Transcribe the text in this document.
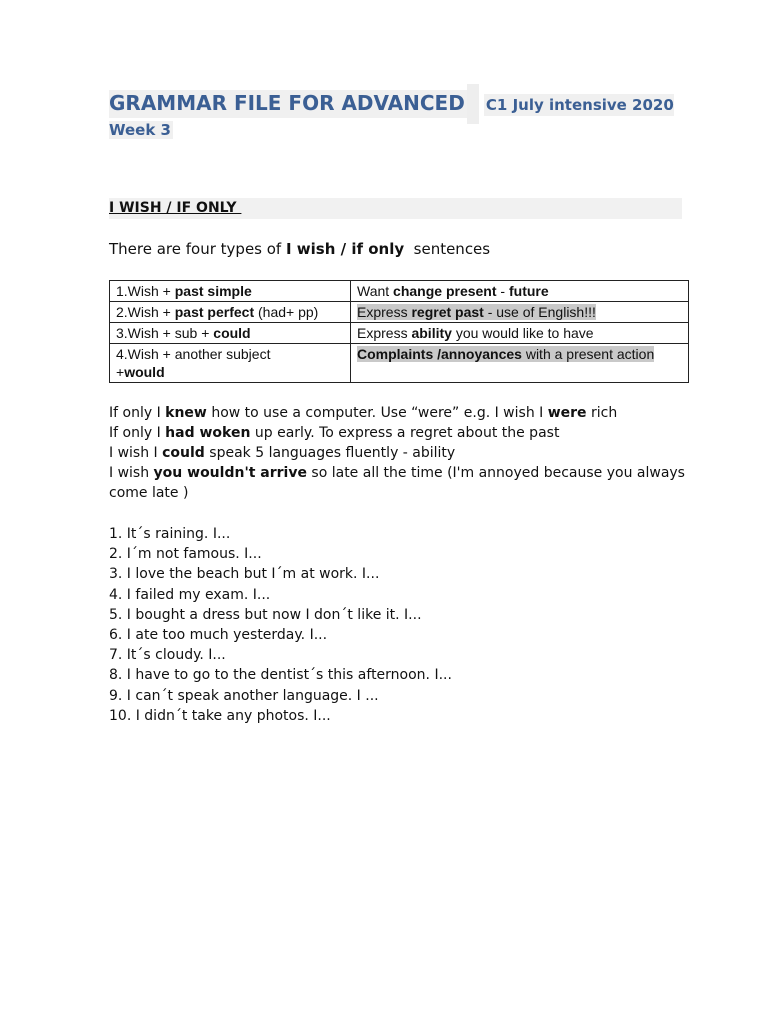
GRAMMAR FILE FOR ADVANCED C1 July intensive 2020
Week 3
I WISH / IF ONLY
There are four types of I wish / if only  sentences
1.Wish + past simple	Want change present - future
2.Wish + past perfect (had+ pp)	Express regret past - use of English!!!
3.Wish + sub + could	Express ability you would like to have
4.Wish + another subject
+would	Complaints /annoyances with a present action

If only I knew how to use a computer. Use “were” e.g. I wish I were rich

If only I had woken up early. To express a regret about the past

I wish I could speak 5 languages fluently - ability

I wish you wouldn't arrive so late all the time (I'm annoyed because you always come late )

1. It´s raining. I...
2. I´m not famous. I...
3. I love the beach but I´m at work. I...
4. I failed my exam. I...
5. I bought a dress but now I don´t like it. I...
6. I ate too much yesterday. I...
7. It´s cloudy. I...
8. I have to go to the dentist´s this afternoon. I...
9. I can´t speak another language. I ...
10. I didn´t take any photos. I...
